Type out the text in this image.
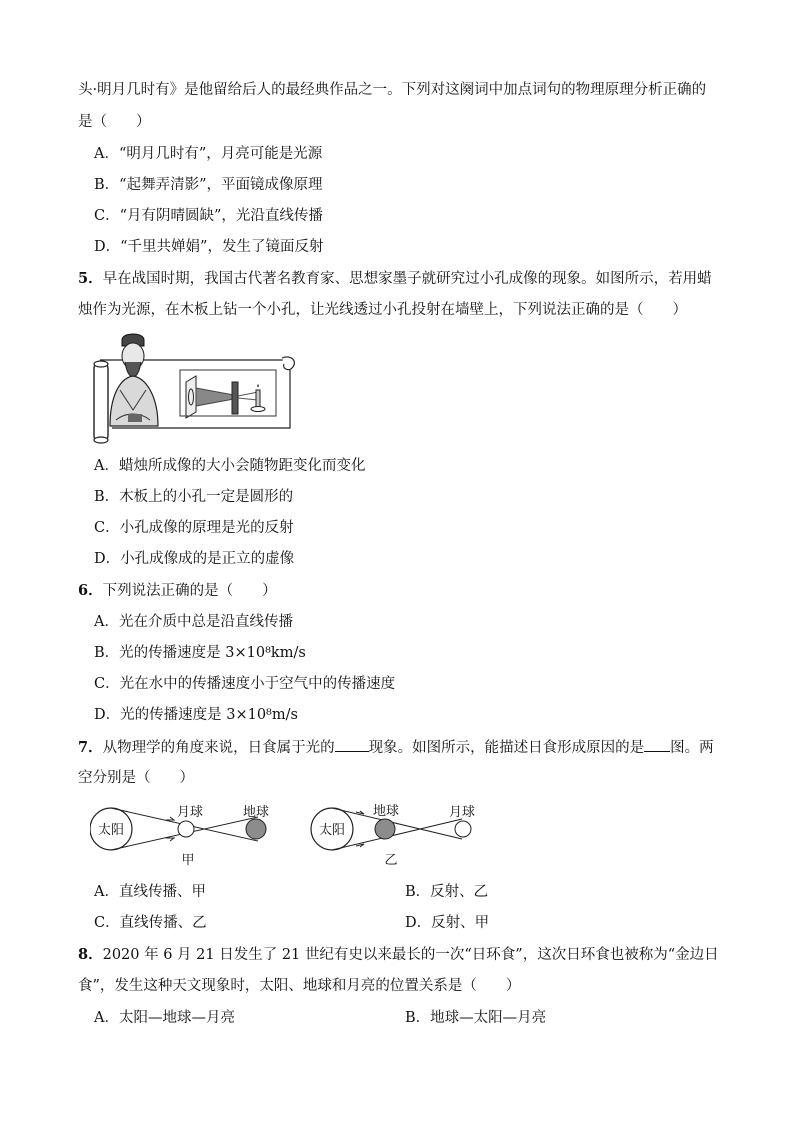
头·明月几时有》是他留给后人的最经典作品之一。下列对这阕词中加点词句的物理原理分析正确的
是（　　）
A．“明月几时有”，月亮可能是光源
B．“起舞弄清影”，平面镜成像原理
C．“月有阴晴圆缺”，光沿直线传播
D．“千里共婵娟”，发生了镜面反射
5．早在战国时期，我国古代著名教育家、思想家墨子就研究过小孔成像的现象。如图所示，若用蜡
烛作为光源，在木板上钻一个小孔，让光线透过小孔投射在墙壁上，下列说法正确的是（　　）
A．蜡烛所成像的大小会随物距变化而变化
B．木板上的小孔一定是圆形的
C．小孔成像的原理是光的反射
D．小孔成像成的是正立的虚像
6．下列说法正确的是（　　）
A．光在介质中总是沿直线传播
B．光的传播速度是 3×10⁸km/s
C．光在水中的传播速度小于空气中的传播速度
D．光的传播速度是 3×10⁸m/s
7．从物理学的角度来说，日食属于光的 现象。如图所示，能描述日食形成原因的是 图。两
空分别是（　　）
太阳
月球	地球
甲
太阳
地球	月球
乙
A．直线传播、甲	B．反射、乙
C．直线传播、乙	D．反射、甲
8．2020 年 6 月 21 日发生了 21 世纪有史以来最长的一次“日环食”，这次日环食也被称为“金边日
食”，发生这种天文现象时，太阳、地球和月亮的位置关系是（　　）
A．太阳—地球—月亮	B．地球—太阳—月亮
